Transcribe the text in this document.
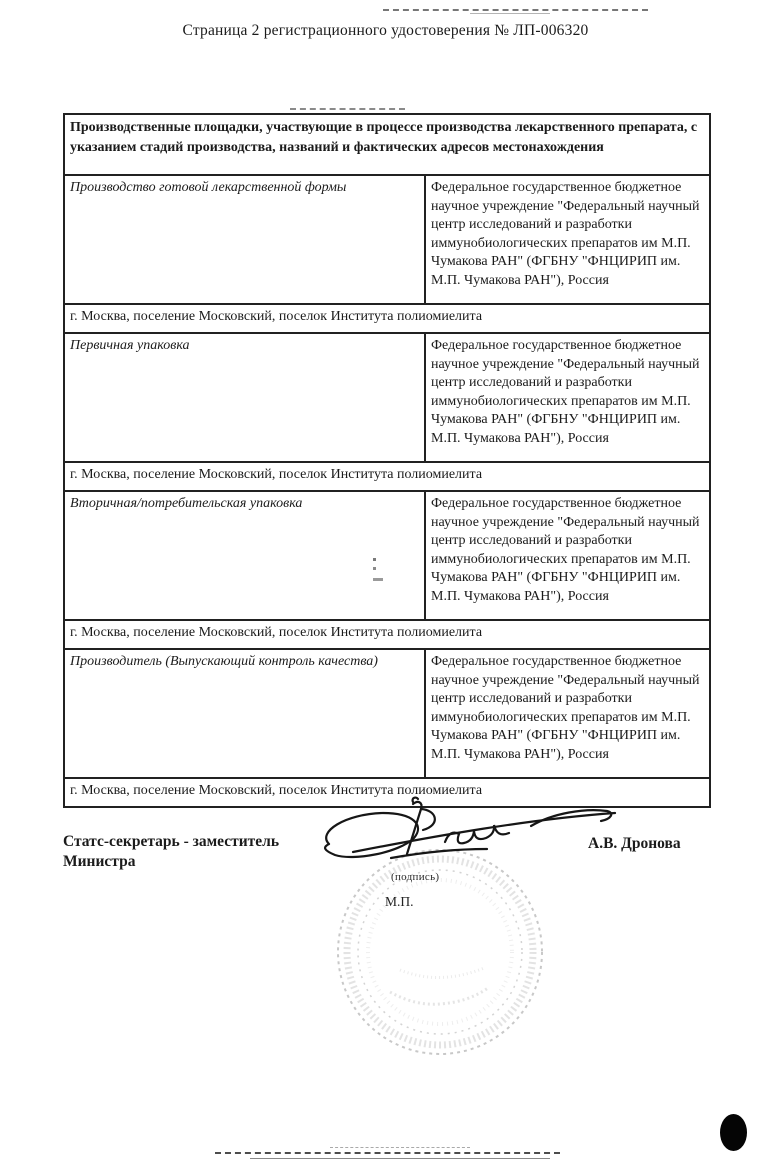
Страница 2 регистрационного удостоверения № ЛП-006320
Производственные площадки, участвующие в процессе производства лекарственного препарата, с указанием стадий производства, названий и фактических адресов местонахождения	
Производство готовой лекарственной формы	Федеральное государственное бюджетное научное учреждение "Федеральный научный центр исследований и разработки иммунобиологических препаратов им М.П. Чумакова РАН" (ФГБНУ "ФНЦИРИП им. М.П. Чумакова РАН"), Россия
г. Москва, поселение Московский, поселок Института полиомиелита	
Первичная упаковка	Федеральное государственное бюджетное научное учреждение "Федеральный научный центр исследований и разработки иммунобиологических препаратов им М.П. Чумакова РАН" (ФГБНУ "ФНЦИРИП им. М.П. Чумакова РАН"), Россия
г. Москва, поселение Московский, поселок Института полиомиелита	
Вторичная/потребительская упаковка	Федеральное государственное бюджетное научное учреждение "Федеральный научный центр исследований и разработки иммунобиологических препаратов им М.П. Чумакова РАН" (ФГБНУ "ФНЦИРИП им. М.П. Чумакова РАН"), Россия
г. Москва, поселение Московский, поселок Института полиомиелита	
Производитель (Выпускающий контроль качества)	Федеральное государственное бюджетное научное учреждение "Федеральный научный центр исследований и разработки иммунобиологических препаратов им М.П. Чумакова РАН" (ФГБНУ "ФНЦИРИП им. М.П. Чумакова РАН"), Россия
г. Москва, поселение Московский, поселок Института полиомиелита	
Статс-секретарь - заместитель Министра
А.В. Дронова
(подпись)
М.П.
